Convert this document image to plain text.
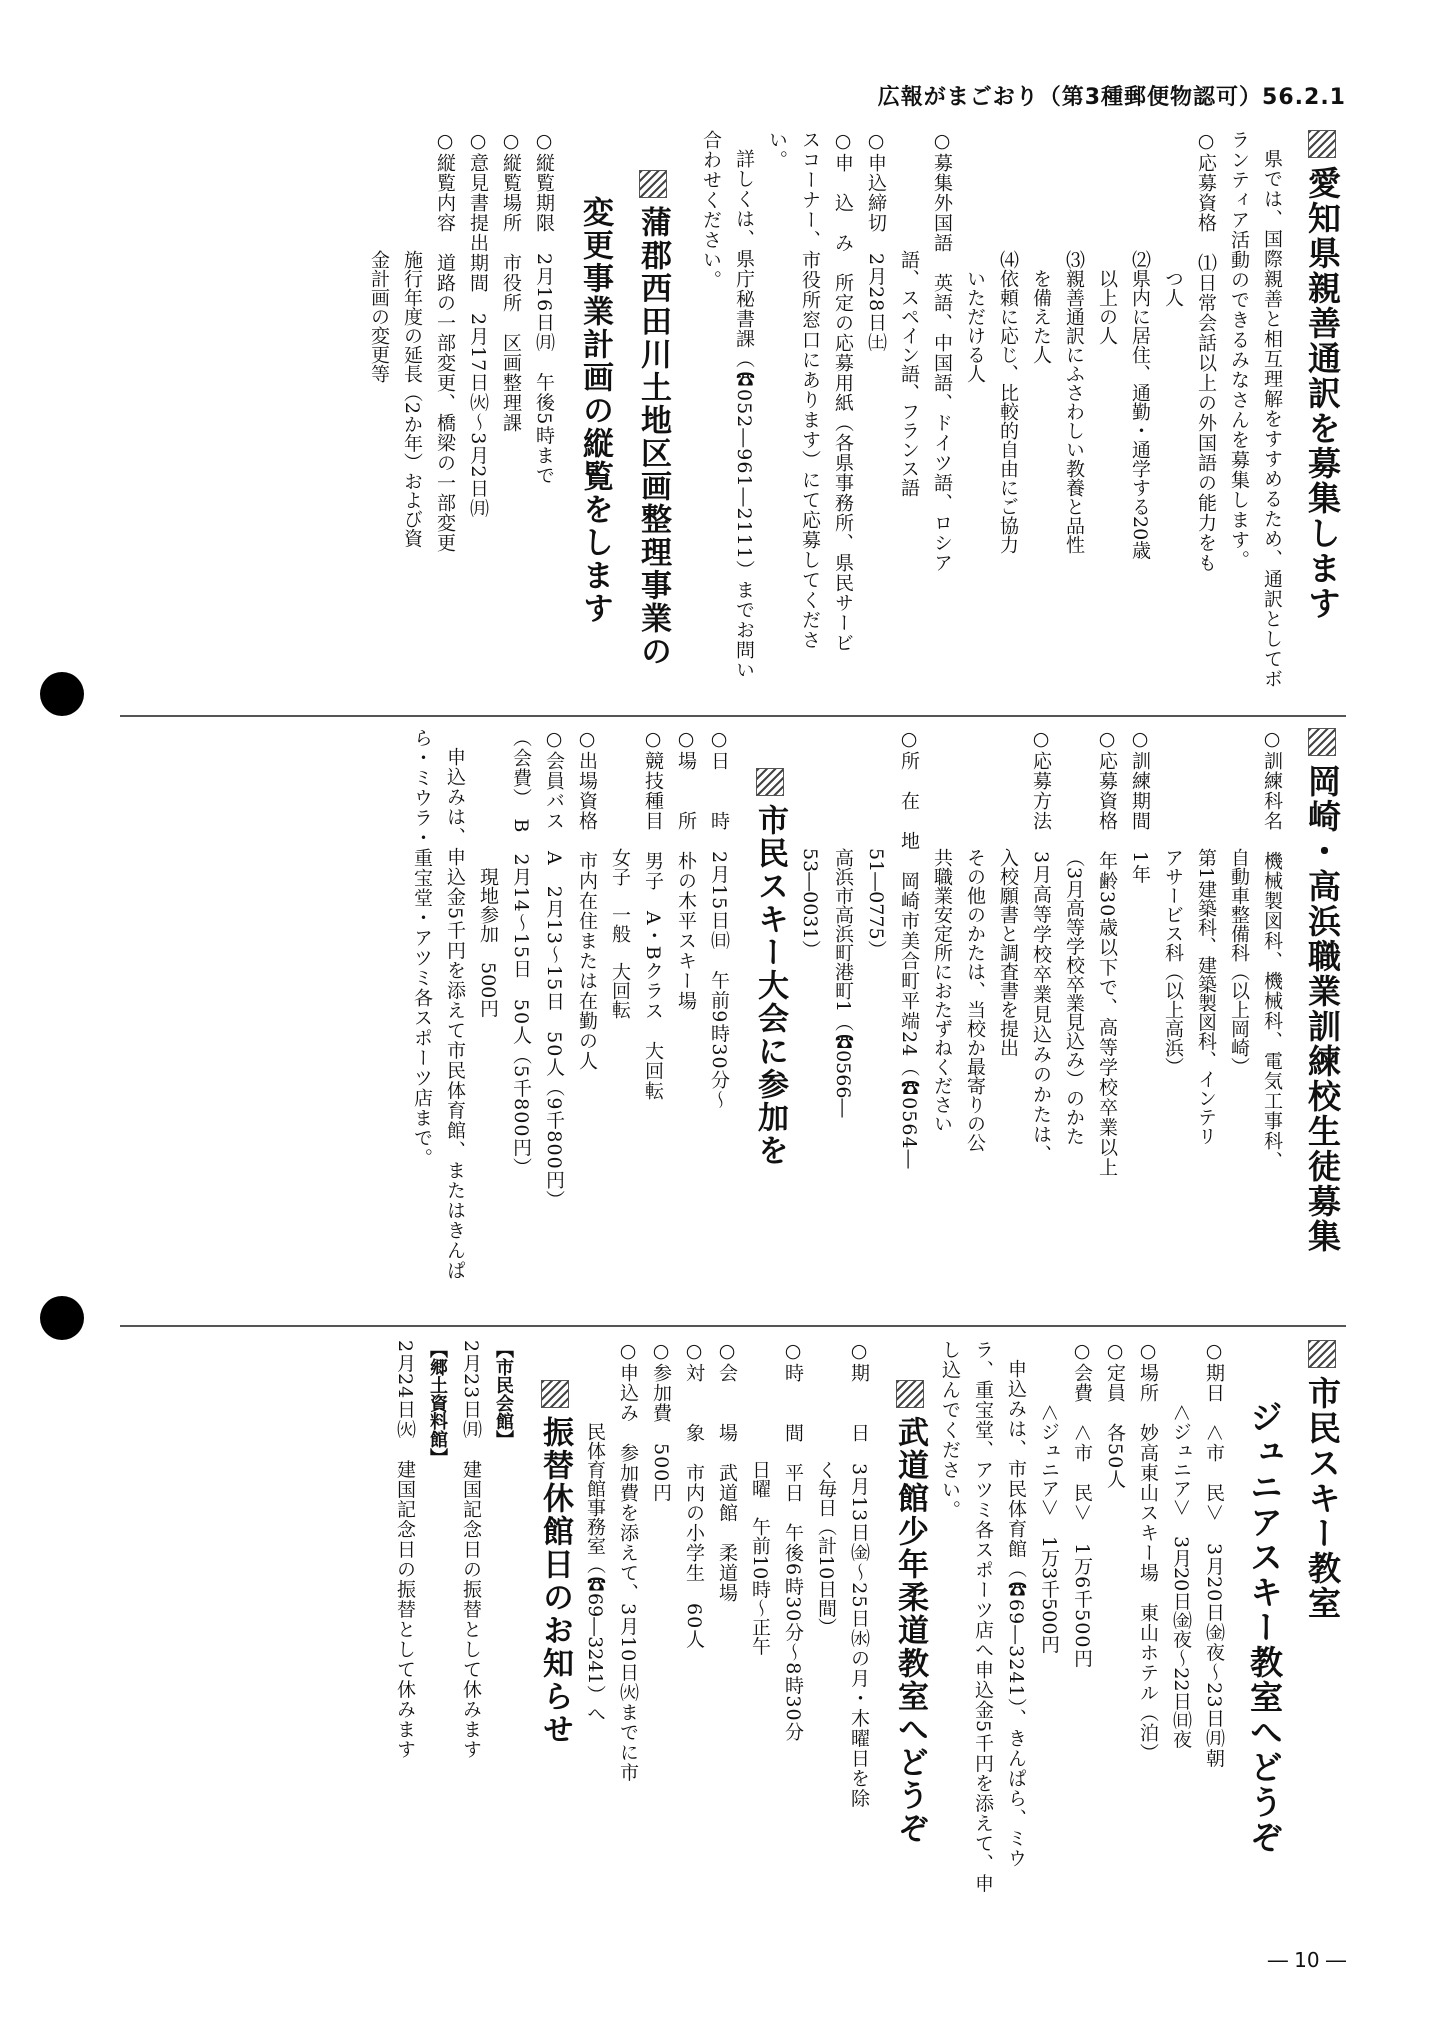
広報がまごおり（第3種郵便物認可）56.2.1
愛知県親善通訳を募集します
県では、国際親善と相互理解をすすめるため、通訳としてボランティア活動のできるみなさんを募集します。
○応募資格　⑴日常会話以上の外国語の能力をも
つ人
⑵県内に居住、通勤・通学する20歳
以上の人
⑶親善通訳にふさわしい教養と品性
を備えた人
⑷依頼に応じ、比較的自由にご協力
いただける人
○募集外国語　英語、中国語、ドイツ語、ロシア
語、スペイン語、フランス語
○申込締切　2月28日㈯
○申　込　み　所定の応募用紙（各県事務所、県民サービスコーナー、市役所窓口にあります）にて応募してください。
詳しくは、県庁秘書課（☎052―961―2111）までお問い合わせください。
蒲郡西田川土地区画整理事業の
変更事業計画の縦覧をします
○縦覧期限　2月16日㈪　午後5時まで
○縦覧場所　市役所　区画整理課
○意見書提出期間　2月17日㈫～3月2日㈪
○縦覧内容　道路の一部変更、橋梁の一部変更
施行年度の延長（2か年）および資
金計画の変更等
岡崎・高浜職業訓練校生徒募集
○訓練科名　機械製図科、機械科、電気工事科、
自動車整備科（以上岡崎）
第1建築科、建築製図科、インテリ
アサービス科（以上高浜）
○訓練期間　1年
○応募資格　年齢30歳以下で、高等学校卒業以上
（3月高等学校卒業見込み）のかた
○応募方法　3月高等学校卒業見込みのかたは、
入校願書と調査書を提出
その他のかたは、当校か最寄りの公
共職業安定所におたずねください
○所　在　地　岡崎市美合町平端24（☎0564―
51―0775）
高浜市高浜町港町1（☎0566―
53―0031）
市民スキー大会に参加を
○日　　時　2月15日㈰　午前9時30分～
○場　　所　朴の木平スキー場
○競技種目　男子　A・Bクラス　大回転
女子　一般　大回転
○出場資格　市内在住または在勤の人
○会員バス　A　2月13～15日　50人（9千800円）
（会費）　B　2月14～15日　50人（5千800円）
現地参加　500円
申込みは、申込金5千円を添えて市民体育館、またはきんぱら・ミウラ・重宝堂・アツミ各スポーツ店まで。
市民スキー教室
ジュニアスキー教室へどうぞ
○期日　＜市　民＞　3月20日㈮夜～23日㈪朝
＜ジュニア＞　3月20日㈮夜～22日㈰夜
○場所　妙高東山スキー場　東山ホテル（泊）
○定員　各50人
○会費　＜市　民＞　1万6千500円
＜ジュニア＞　1万3千500円
申込みは、市民体育館（☎69―3241）、きんぱら、ミウラ、重宝堂、アツミ各スポーツ店へ申込金5千円を添えて、申し込んでください。
武道館少年柔道教室へどうぞ
○期　　日　3月13日㈮～25日㈬の月・木曜日を除
く毎日（計10日間）
○時　　間　平日　午後6時30分～8時30分
日曜　午前10時～正午
○会　　場　武道館　柔道場
○対　　象　市内の小学生　60人
○参加費　500円
○申込み　参加費を添えて、3月10日㈫までに市
民体育館事務室（☎69―3241）へ
振替休館日のお知らせ
【市民会館】
2月23日㈪　建国記念日の振替として休みます
【郷土資料館】
2月24日㈫　建国記念日の振替として休みます
― 10 ―
